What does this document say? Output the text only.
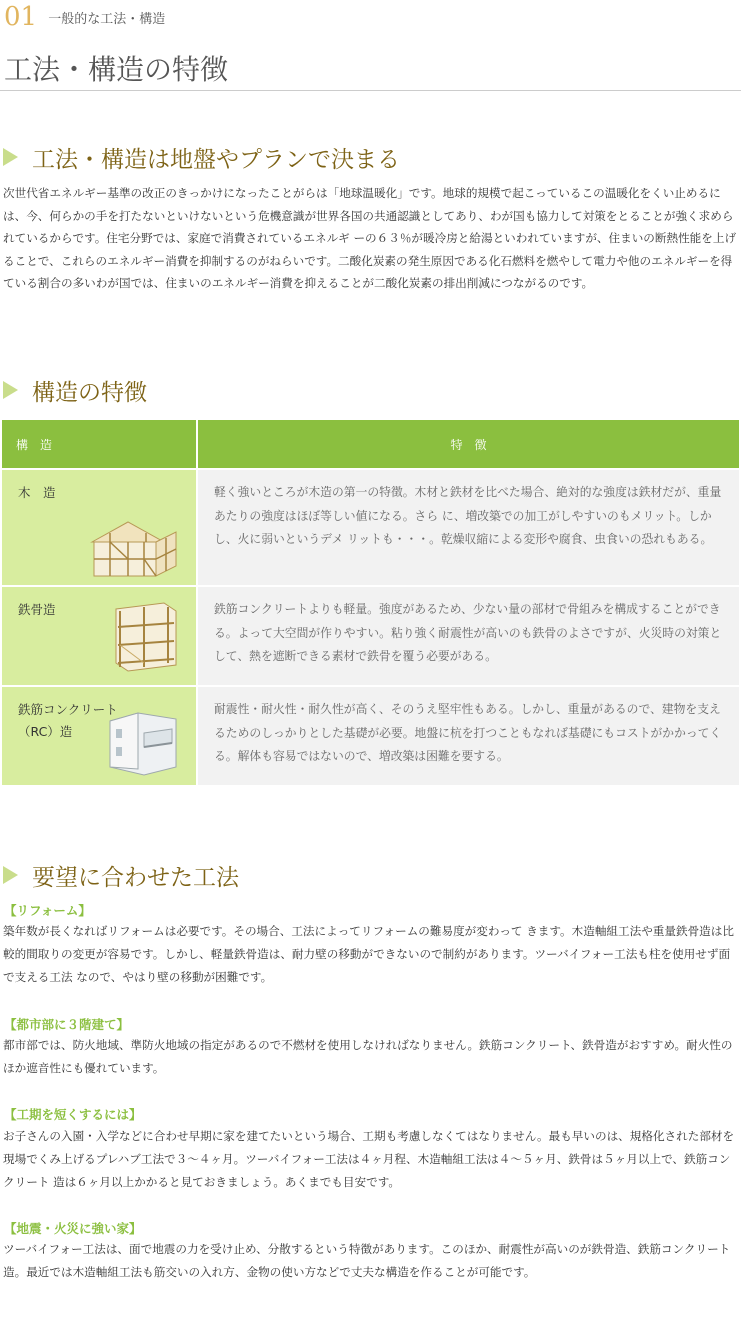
01 一般的な工法・構造
工法・構造の特徴
工法・構造は地盤やプランで決まる

次世代省エネルギー基準の改正のきっかけになったことがらは「地球温暖化」です。地球的規模で起こっているこの温暖化をくい止めるには、今、何らかの手を打たないといけないという危機意識が世界各国の共通認識としてあり、わが国も協力して対策をとることが強く求められているからです。住宅分野では、家庭で消費されているエネルギ ーの６３％が暖冷房と給湯といわれていますが、住まいの断熱性能を上げることで、これらのエネルギー消費を抑制するのがねらいです。二酸化炭素の発生原因である化石燃料を燃やして電力や他のエネルギーを得ている割合の多いわが国では、住まいのエネルギー消費を抑えることが二酸化炭素の排出削減につながるのです。

構造の特徴
構　造	特　徴

木　造	軽く強いところが木造の第一の特徴。木材と鉄材を比べた場合、絶対的な強度は鉄材だが、重量あたりの強度はほぼ等しい値になる。さら に、増改築での加工がしやすいのもメリット。しかし、火に弱いというデメ リットも・・・。乾燥収縮による変形や腐食、虫食いの恐れもある。

鉄骨造	鉄筋コンクリートよりも軽量。強度があるため、少ない量の部材で骨組みを構成することができる。よって大空間が作りやすい。粘り強く耐震性が高いのも鉄骨のよさですが、火災時の対策として、熱を遮断できる素材で鉄骨を覆う必要がある。

鉄筋コンクリート
（RC）造	耐震性・耐火性・耐久性が高く、そのうえ堅牢性もある。しかし、重量があるので、建物を支えるためのしっかりとした基礎が必要。地盤に杭を打つこともなれば基礎にもコストがかかってくる。解体も容易ではないので、増改築は困難を要する。
要望に合わせた工法

【リフォーム】

築年数が長くなればリフォームは必要です。その場合、工法によってリフォームの難易度が変わって きます。木造軸組工法や重量鉄骨造は比較的間取りの変更が容易です。しかし、軽量鉄骨造は、耐力壁の移動ができないので制約があります。ツーバイフォー工法も柱を使用せず面で支える工法 なので、やはり壁の移動が困難です。

【都市部に３階建て】

都市部では、防火地域、準防火地域の指定があるので不燃材を使用しなければなりません。鉄筋コンクリート、鉄骨造がおすすめ。耐火性のほか遮音性にも優れています。

【工期を短くするには】

お子さんの入園・入学などに合わせ早期に家を建てたいという場合、工期も考慮しなくてはなりません。最も早いのは、規格化された部材を現場でくみ上げるプレハブ工法で３～４ヶ月。ツーバイフォー工法は４ヶ月程、木造軸組工法は４～５ヶ月、鉄骨は５ヶ月以上で、鉄筋コンクリート 造は６ヶ月以上かかると見ておきましょう。あくまでも目安です。

【地震・火災に強い家】

ツーバイフォー工法は、面で地震の力を受け止め、分散するという特徴があります。このほか、耐震性が高いのが鉄骨造、鉄筋コンクリート造。最近では木造軸組工法も筋交いの入れ方、金物の使い方などで丈夫な構造を作ることが可能です。
